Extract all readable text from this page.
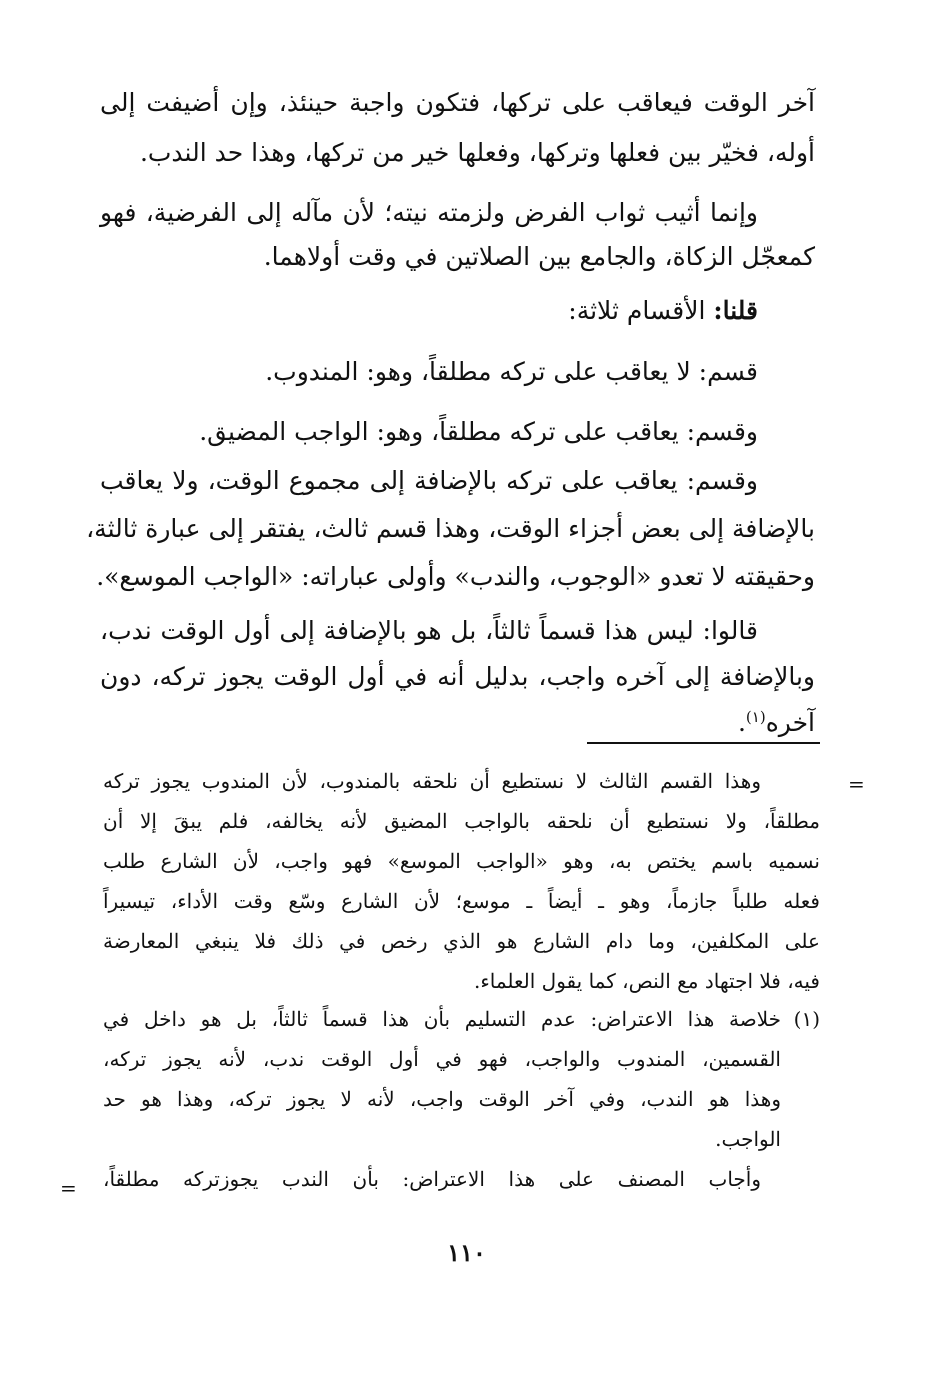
آخر الوقت فيعاقب على تركها، فتكون واجبة حينئذ، وإن أضيفت إلى
أوله، فخيّر بين فعلها وتركها، وفعلها خير من تركها، وهذا حد الندب.
وإنما أثيب ثواب الفرض ولزمته نيته؛ لأن مآله إلى الفرضية، فهو
كمعجّل الزكاة، والجامع بين الصلاتين في وقت أولاهما.
قلنا: الأقسام ثلاثة:
قسم: لا يعاقب على تركه مطلقاً، وهو: المندوب.
وقسم: يعاقب على تركه مطلقاً، وهو: الواجب المضيق.
وقسم: يعاقب على تركه بالإضافة إلى مجموع الوقت، ولا يعاقب
بالإضافة إلى بعض أجزاء الوقت، وهذا قسم ثالث، يفتقر إلى عبارة ثالثة،
وحقيقته لا تعدو «الوجوب، والندب» وأولى عباراته: «الواجب الموسع».
قالوا: ليس هذا قسماً ثالثاً، بل هو بالإضافة إلى أول الوقت ندب،
وبالإضافة إلى آخره واجب، بدليل أنه في أول الوقت يجوز تركه، دون
آخره$^{(١)}$.
=
وهذا القسم الثالث لا نستطيع أن نلحقه بالمندوب، لأن المندوب يجوز تركه
مطلقاً، ولا نستطيع أن نلحقه بالواجب المضيق لأنه يخالفه، فلم يبقَ إلا أن
نسميه باسم يختص به، وهو «الواجب الموسع» فهو واجب، لأن الشارع طلب
فعله طلباً جازماً، وهو ـ أيضاً ـ موسع؛ لأن الشارع وسّع وقت الأداء، تيسيراً
على المكلفين، وما دام الشارع هو الذي رخص في ذلك فلا ينبغي المعارضة
فيه، فلا اجتهاد مع النص، كما يقول العلماء.
(١)
خلاصة هذا الاعتراض: عدم التسليم بأن هذا قسماً ثالثاً، بل هو داخل في
القسمين، المندوب والواجب، فهو في أول الوقت ندب، لأنه يجوز تركه،
وهذا هو الندب، وفي آخر الوقت واجب، لأنه لا يجوز تركه، وهذا هو حد
الواجب.
وأجاب المصنف على هذا الاعتراض: بأن الندب يجوزتركه مطلقاً،
=
١١٠
